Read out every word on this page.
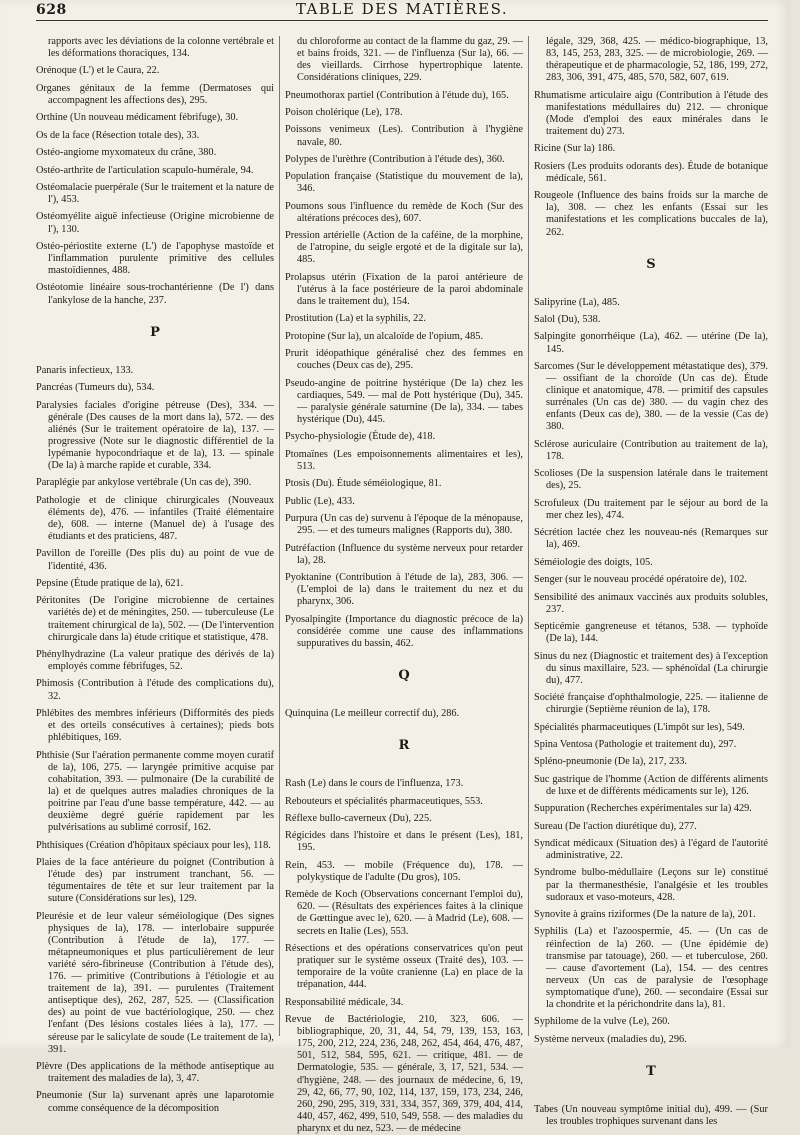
628	TABLE DES MATIÈRES.
rapports avec les déviations de la colonne vertébrale et les déformations thoraciques, 134.
Orénoque (L') et le Caura, 22.
Organes génitaux de la femme (Dermatoses qui accompagnent les affections des), 295.
Orthine (Un nouveau médicament fébrifuge), 30.
Os de la face (Résection totale des), 33.
Ostéo-angiome myxomateux du crâne, 380.
Ostéo-arthrite de l'articulation scapulo-humérale, 94.
Ostéomalacie puerpérale (Sur le traitement et la nature de l'), 453.
Ostéomyélite aiguë infectieuse (Origine microbienne de l'), 130.
Ostéo-périostite externe (L') de l'apophyse mastoïde et l'inflammation purulente primitive des cellules mastoïdiennes, 488.
Ostéotomie linéaire sous-trochantérienne (De l') dans l'ankylose de la hanche, 237.
P
Panaris infectieux, 133.
Pancréas (Tumeurs du), 534.
Paralysies faciales d'origine pétreuse (Des), 334. — générale (Des causes de la mort dans la), 572. — des aliénés (Sur le traitement opératoire de la), 137. — progressive (Note sur le diagnostic différentiel de la lypémanie hypocondriaque et de la), 13. — spinale (De la) à marche rapide et curable, 334.
Paraplégie par ankylose vertébrale (Un cas de), 390.
Pathologie et de clinique chirurgicales (Nouveaux éléments de), 476. — infantiles (Traité élémentaire de), 608. — interne (Manuel de) à l'usage des étudiants et des praticiens, 487.
Pavillon de l'oreille (Des plis du) au point de vue de l'identité, 436.
Pepsine (Étude pratique de la), 621.
Péritonites (De l'origine microbienne de certaines variétés de) et de méningites, 250. — tuberculeuse (Le traitement chirurgical de la), 502. — (De l'intervention chirurgicale dans la) étude critique et statistique, 478.
Phénylhydrazine (La valeur pratique des dérivés de la) employés comme fébrifuges, 52.
Phimosis (Contribution à l'étude des complications du), 32.
Phlébites des membres inférieurs (Difformités des pieds et des orteils consécutives à certaines); pieds bots phlébitiques, 169.
Phthisie (Sur l'aération permanente comme moyen curatif de la), 106, 275. — laryngée primitive acquise par cohabitation, 393. — pulmonaire (De la curabilité de la) et de quelques autres maladies chroniques de la poitrine par l'eau d'une basse température, 442. — au deuxième degré guérie rapidement par les pulvérisations au sublimé corrosif, 162.
Phthisiques (Création d'hôpitaux spéciaux pour les), 118.
Plaies de la face antérieure du poignet (Contribution à l'étude des) par instrument tranchant, 56. — tégumentaires de tête et sur leur traitement par la suture (Considérations sur les), 129.
Pleurésie et de leur valeur séméiologique (Des signes physiques de la), 178. — interlobaire suppurée (Contribution à l'étude de la), 177. — métapneumoniques et plus particulièrement de leur variété séro-fibrineuse (Contribution à l'étude des), 176. — primitive (Contributions à l'étiologie et au traitement de la), 391. — purulentes (Traitement antiseptique des), 262, 287, 525. — (Classification des) au point de vue bactériologique, 250. — chez l'enfant (Des lésions costales liées à la), 177. — séreuse par le salicylate de soude (Le traitement de la), 391.
Plèvre (Des applications de la méthode antiseptique au traitement des maladies de la), 3, 47.
Pneumonie (Sur la) survenant après une laparotomie comme conséquence de la décomposition
du chloroforme au contact de la flamme du gaz, 29. — et bains froids, 321. — de l'influenza (Sur la), 66. — des vieillards. Cirrhose hypertrophique latente. Considérations cliniques, 229.
Pneumothorax partiel (Contribution à l'étude du), 165.
Poison cholérique (Le), 178.
Poissons venimeux (Les). Contribution à l'hygiène navale, 80.
Polypes de l'urèthre (Contribution à l'étude des), 360.
Population française (Statistique du mouvement de la), 346.
Poumons sous l'influence du remède de Koch (Sur des altérations précoces des), 607.
Pression artérielle (Action de la caféine, de la morphine, de l'atropine, du seigle ergoté et de la digitale sur la), 485.
Prolapsus utérin (Fixation de la paroi antérieure de l'utérus à la face postérieure de la paroi abdominale dans le traitement du), 154.
Prostitution (La) et la syphilis, 22.
Protopine (Sur la), un alcaloïde de l'opium, 485.
Prurit idéopathique généralisé chez des femmes en couches (Deux cas de), 295.
Pseudo-angine de poitrine hystérique (De la) chez les cardiaques, 549. — mal de Pott hystérique (Du), 345. — paralysie générale saturnine (De la), 334. — tabes hystérique (Du), 445.
Psycho-physiologie (Étude de), 418.
Ptomaïnes (Les empoisonnements alimentaires et les), 513.
Ptosis (Du). Étude séméiologique, 81.
Public (Le), 433.
Purpura (Un cas de) survenu à l'époque de la ménopause, 295. — et des tumeurs malignes (Rapports du), 380.
Putréfaction (Influence du système nerveux pour retarder la), 28.
Pyoktanine (Contribution à l'étude de la), 283, 306. — (L'emploi de la) dans le traitement du nez et du pharynx, 306.
Pyosalpingite (Importance du diagnostic précoce de la) considérée comme une cause des inflammations suppuratives du bassin, 462.
Q
Quinquina (Le meilleur correctif du), 286.
R
Rash (Le) dans le cours de l'influenza, 173.
Rebouteurs et spécialités pharmaceutiques, 553.
Réflexe bullo-caverneux (Du), 225.
Régicides dans l'histoire et dans le présent (Les), 181, 195.
Rein, 453. — mobile (Fréquence du), 178. — polykystique de l'adulte (Du gros), 105.
Remède de Koch (Observations concernant l'emploi du), 620. — (Résultats des expériences faites à la clinique de Gœttingue avec le), 620. — à Madrid (Le), 608. — secrets en Italie (Les), 553.
Résections et des opérations conservatrices qu'on peut pratiquer sur le système osseux (Traité des), 103. — temporaire de la voûte cranienne (La) en place de la trépanation, 444.
Responsabilité médicale, 34.
Revue de Bactériologie, 210, 323, 606. — bibliographique, 20, 31, 44, 54, 79, 139, 153, 163, 175, 200, 212, 224, 236, 248, 262, 454, 464, 476, 487, 501, 512, 584, 595, 621. — critique, 481. — de Dermatologie, 535. — générale, 3, 17, 521, 534. — d'hygiène, 248. — des journaux de médecine, 6, 19, 29, 42, 66, 77, 90, 102, 114, 137, 159, 173, 234, 246, 260, 290, 295, 319, 331, 334, 357, 369, 379, 404, 414, 440, 457, 462, 499, 510, 549, 558. — des maladies du pharynx et du nez, 523. — de médecine
légale, 329, 368, 425. — médico-biographique, 13, 83, 145, 253, 283, 325. — de microbiologie, 269. — thérapeutique et de pharmacologie, 52, 186, 199, 272, 283, 306, 391, 475, 485, 570, 582, 607, 619.
Rhumatisme articulaire aigu (Contribution à l'étude des manifestations médullaires du) 212. — chronique (Mode d'emploi des eaux minérales dans le traitement du) 273.
Ricine (Sur la) 186.
Rosiers (Les produits odorants des). Étude de botanique médicale, 561.
Rougeole (Influence des bains froids sur la marche de la), 308. — chez les enfants (Essai sur les manifestations et les complications buccales de la), 262.
S
Salipyrine (La), 485.
Salol (Du), 538.
Salpingite gonorrhéique (La), 462. — utérine (De la), 145.
Sarcomes (Sur le développement métastatique des), 379. — ossifiant de la choroïde (Un cas de). Étude clinique et anatomique, 478. — primitif des capsules surrénales (Un cas de) 380. — du vagin chez des enfants (Deux cas de), 380. — de la vessie (Cas de) 380.
Sclérose auriculaire (Contribution au traitement de la), 178.
Scolioses (De la suspension latérale dans le traitement des), 25.
Scrofuleux (Du traitement par le séjour au bord de la mer chez les), 474.
Sécrétion lactée chez les nouveau-nés (Remarques sur la), 469.
Séméiologie des doigts, 105.
Senger (sur le nouveau procédé opératoire de), 102.
Sensibilité des animaux vaccinés aux produits solubles, 237.
Septicémie gangreneuse et tétanos, 538. — typhoïde (De la), 144.
Sinus du nez (Diagnostic et traitement des) à l'exception du sinus maxillaire, 523. — sphénoïdal (La chirurgie du), 477.
Société française d'ophthalmologie, 225. — italienne de chirurgie (Septième réunion de la), 178.
Spécialités pharmaceutiques (L'impôt sur les), 549.
Spina Ventosa (Pathologie et traitement du), 297.
Spléno-pneumonie (De la), 217, 233.
Suc gastrique de l'homme (Action de différents aliments de luxe et de différents médicaments sur le), 126.
Suppuration (Recherches expérimentales sur la) 429.
Sureau (De l'action diurétique du), 277.
Syndicat médicaux (Situation des) à l'égard de l'autorité administrative, 22.
Syndrome bulbo-médullaire (Leçons sur le) constitué par la thermanesthésie, l'analgésie et les troubles sudoraux et vaso-moteurs, 428.
Synovite à grains riziformes (De la nature de la), 201.
Syphilis (La) et l'azoospermie, 45. — (Un cas de réinfection de la) 260. — (Une épidémie de) transmise par tatouage), 260. — et tuberculose, 260. — cause d'avortement (La), 154. — des centres nerveux (Un cas de paralysie de l'œsophage symptomatique d'une), 260. — secondaire (Essai sur la chondrite et la périchondrite dans la), 81.
Syphilome de la vulve (Le), 260.
Système nerveux (maladies du), 296.
T
Tabes (Un nouveau symptôme initial du), 499. — (Sur les troubles trophiques survenant dans les
